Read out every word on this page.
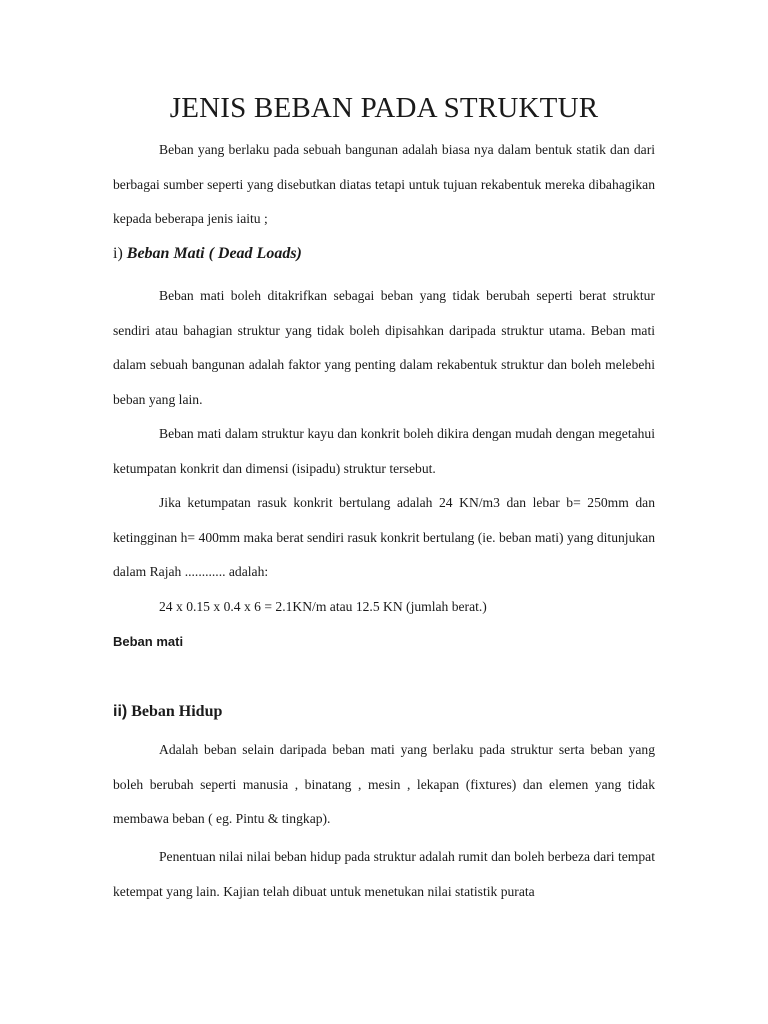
JENIS BEBAN PADA STRUKTUR

Beban yang berlaku pada sebuah bangunan adalah biasa nya dalam bentuk statik dan dari berbagai sumber seperti yang disebutkan diatas tetapi untuk tujuan rekabentuk mereka dibahagikan kepada beberapa jenis iaitu ;

i) Beban Mati ( Dead Loads)

Beban mati boleh ditakrifkan sebagai beban yang tidak berubah seperti berat struktur sendiri atau bahagian struktur yang tidak boleh dipisahkan daripada struktur utama. Beban mati dalam sebuah bangunan adalah faktor yang penting dalam rekabentuk struktur dan boleh melebehi beban yang lain.

Beban mati dalam struktur kayu dan konkrit boleh dikira dengan mudah dengan megetahui ketumpatan konkrit dan dimensi (isipadu) struktur tersebut.

Jika ketumpatan rasuk konkrit bertulang adalah 24 KN/m3 dan lebar b= 250mm dan ketingginan h= 400mm maka berat sendiri rasuk konkrit bertulang (ie. beban mati) yang ditunjukan dalam Rajah ............ adalah:

24 x 0.15 x 0.4 x 6 = 2.1KN/m atau 12.5 KN (jumlah berat.)

Beban mati

ii) Beban Hidup

Adalah beban selain daripada beban mati yang berlaku pada struktur serta beban yang boleh berubah seperti manusia , binatang , mesin , lekapan (fixtures) dan elemen yang tidak membawa beban ( eg. Pintu & tingkap).

Penentuan nilai nilai beban hidup pada struktur adalah rumit dan boleh berbeza dari tempat ketempat yang lain. Kajian telah dibuat untuk menetukan nilai statistik purata
